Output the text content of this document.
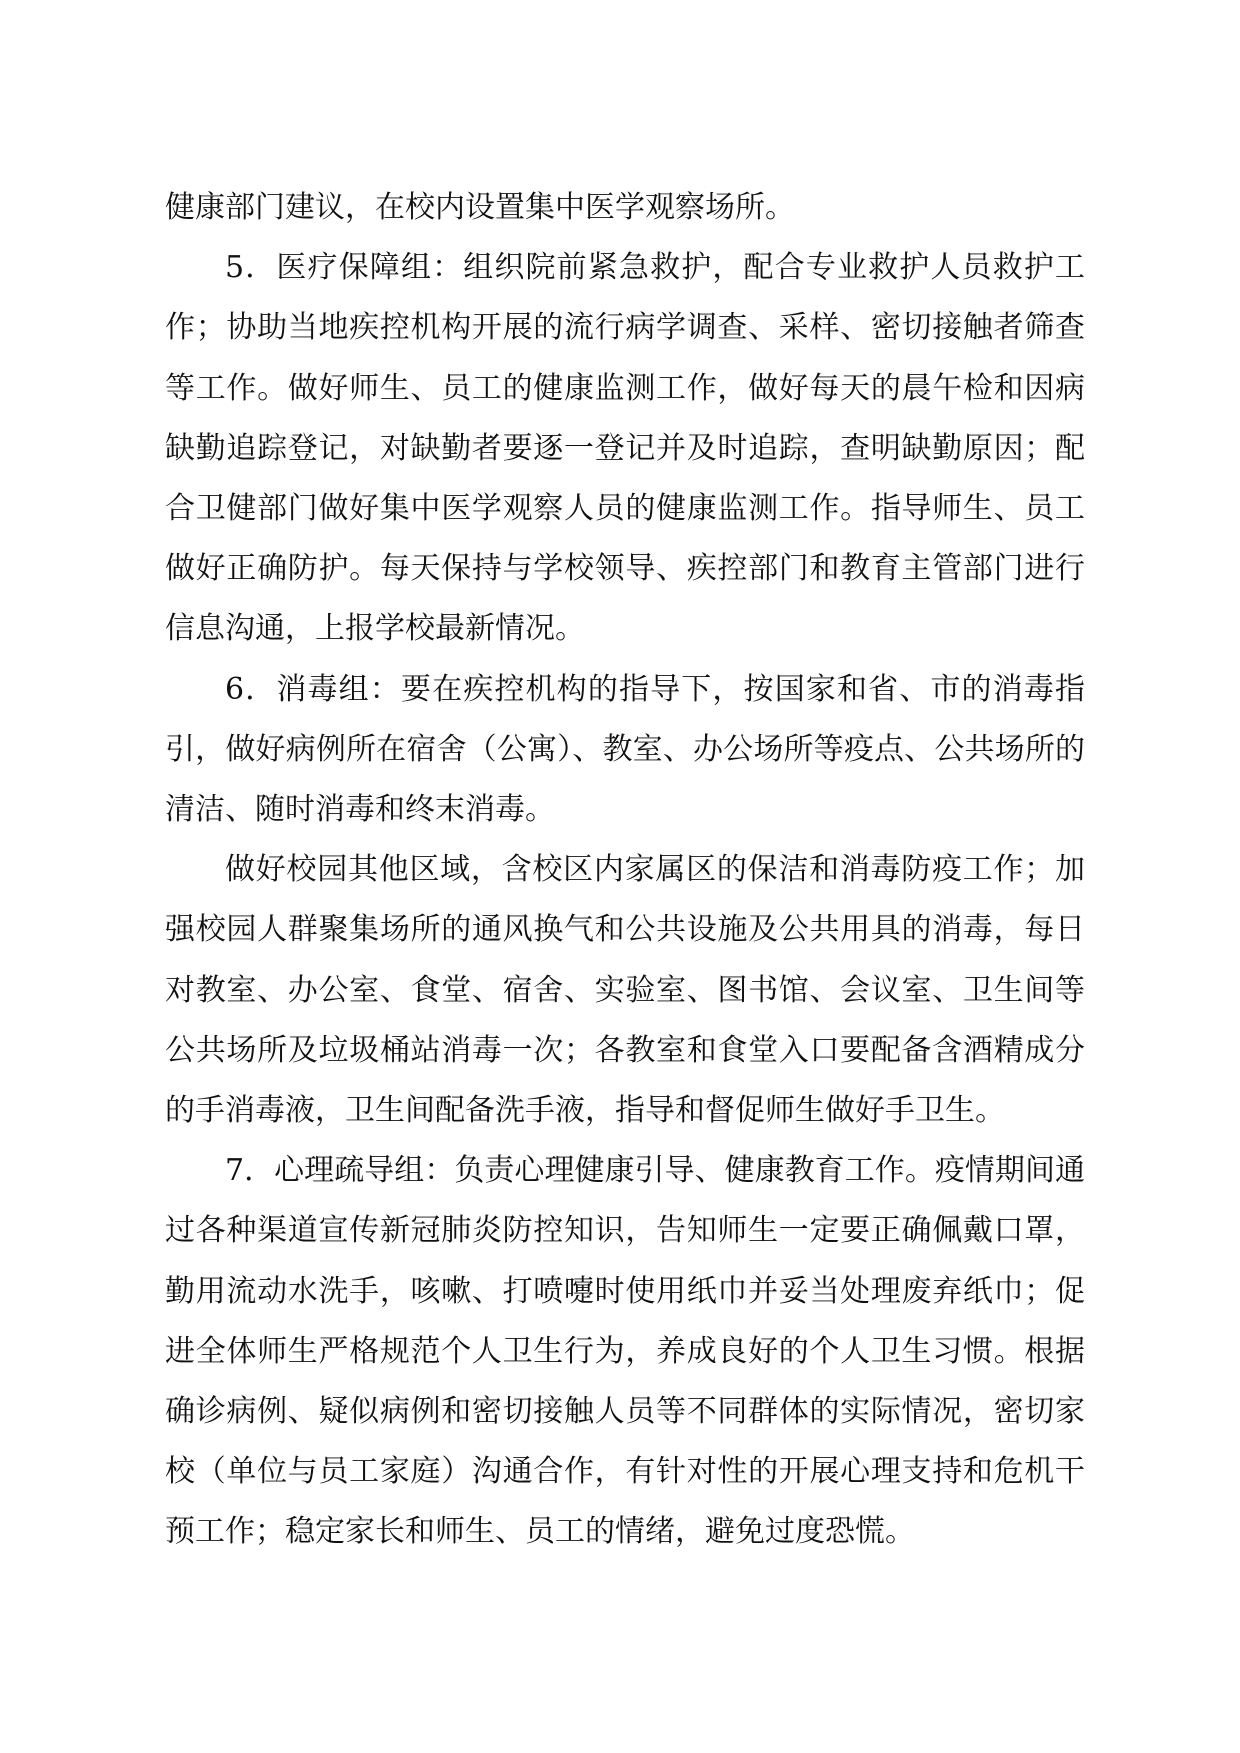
健康部门建议，在校内设置集中医学观察场所。

5．医疗保障组：组织院前紧急救护，配合专业救护人员救护工作；协助当地疾控机构开展的流行病学调查、采样、密切接触者筛查等工作。做好师生、员工的健康监测工作，做好每天的晨午检和因病缺勤追踪登记，对缺勤者要逐一登记并及时追踪，查明缺勤原因；配合卫健部门做好集中医学观察人员的健康监测工作。指导师生、员工做好正确防护。每天保持与学校领导、疾控部门和教育主管部门进行信息沟通，上报学校最新情况。

6．消毒组：要在疾控机构的指导下，按国家和省、市的消毒指引，做好病例所在宿舍（公寓）、教室、办公场所等疫点、公共场所的清洁、随时消毒和终末消毒。

做好校园其他区域，含校区内家属区的保洁和消毒防疫工作；加强校园人群聚集场所的通风换气和公共设施及公共用具的消毒，每日对教室、办公室、食堂、宿舍、实验室、图书馆、会议室、卫生间等公共场所及垃圾桶站消毒一次；各教室和食堂入口要配备含酒精成分的手消毒液，卫生间配备洗手液，指导和督促师生做好手卫生。

7．心理疏导组：负责心理健康引导、健康教育工作。疫情期间通过各种渠道宣传新冠肺炎防控知识，告知师生一定要正确佩戴口罩，勤用流动水洗手，咳嗽、打喷嚏时使用纸巾并妥当处理废弃纸巾；促进全体师生严格规范个人卫生行为，养成良好的个人卫生习惯。根据确诊病例、疑似病例和密切接触人员等不同群体的实际情况，密切家校（单位与员工家庭）沟通合作，有针对性的开展心理支持和危机干预工作；稳定家长和师生、员工的情绪，避免过度恐慌。
